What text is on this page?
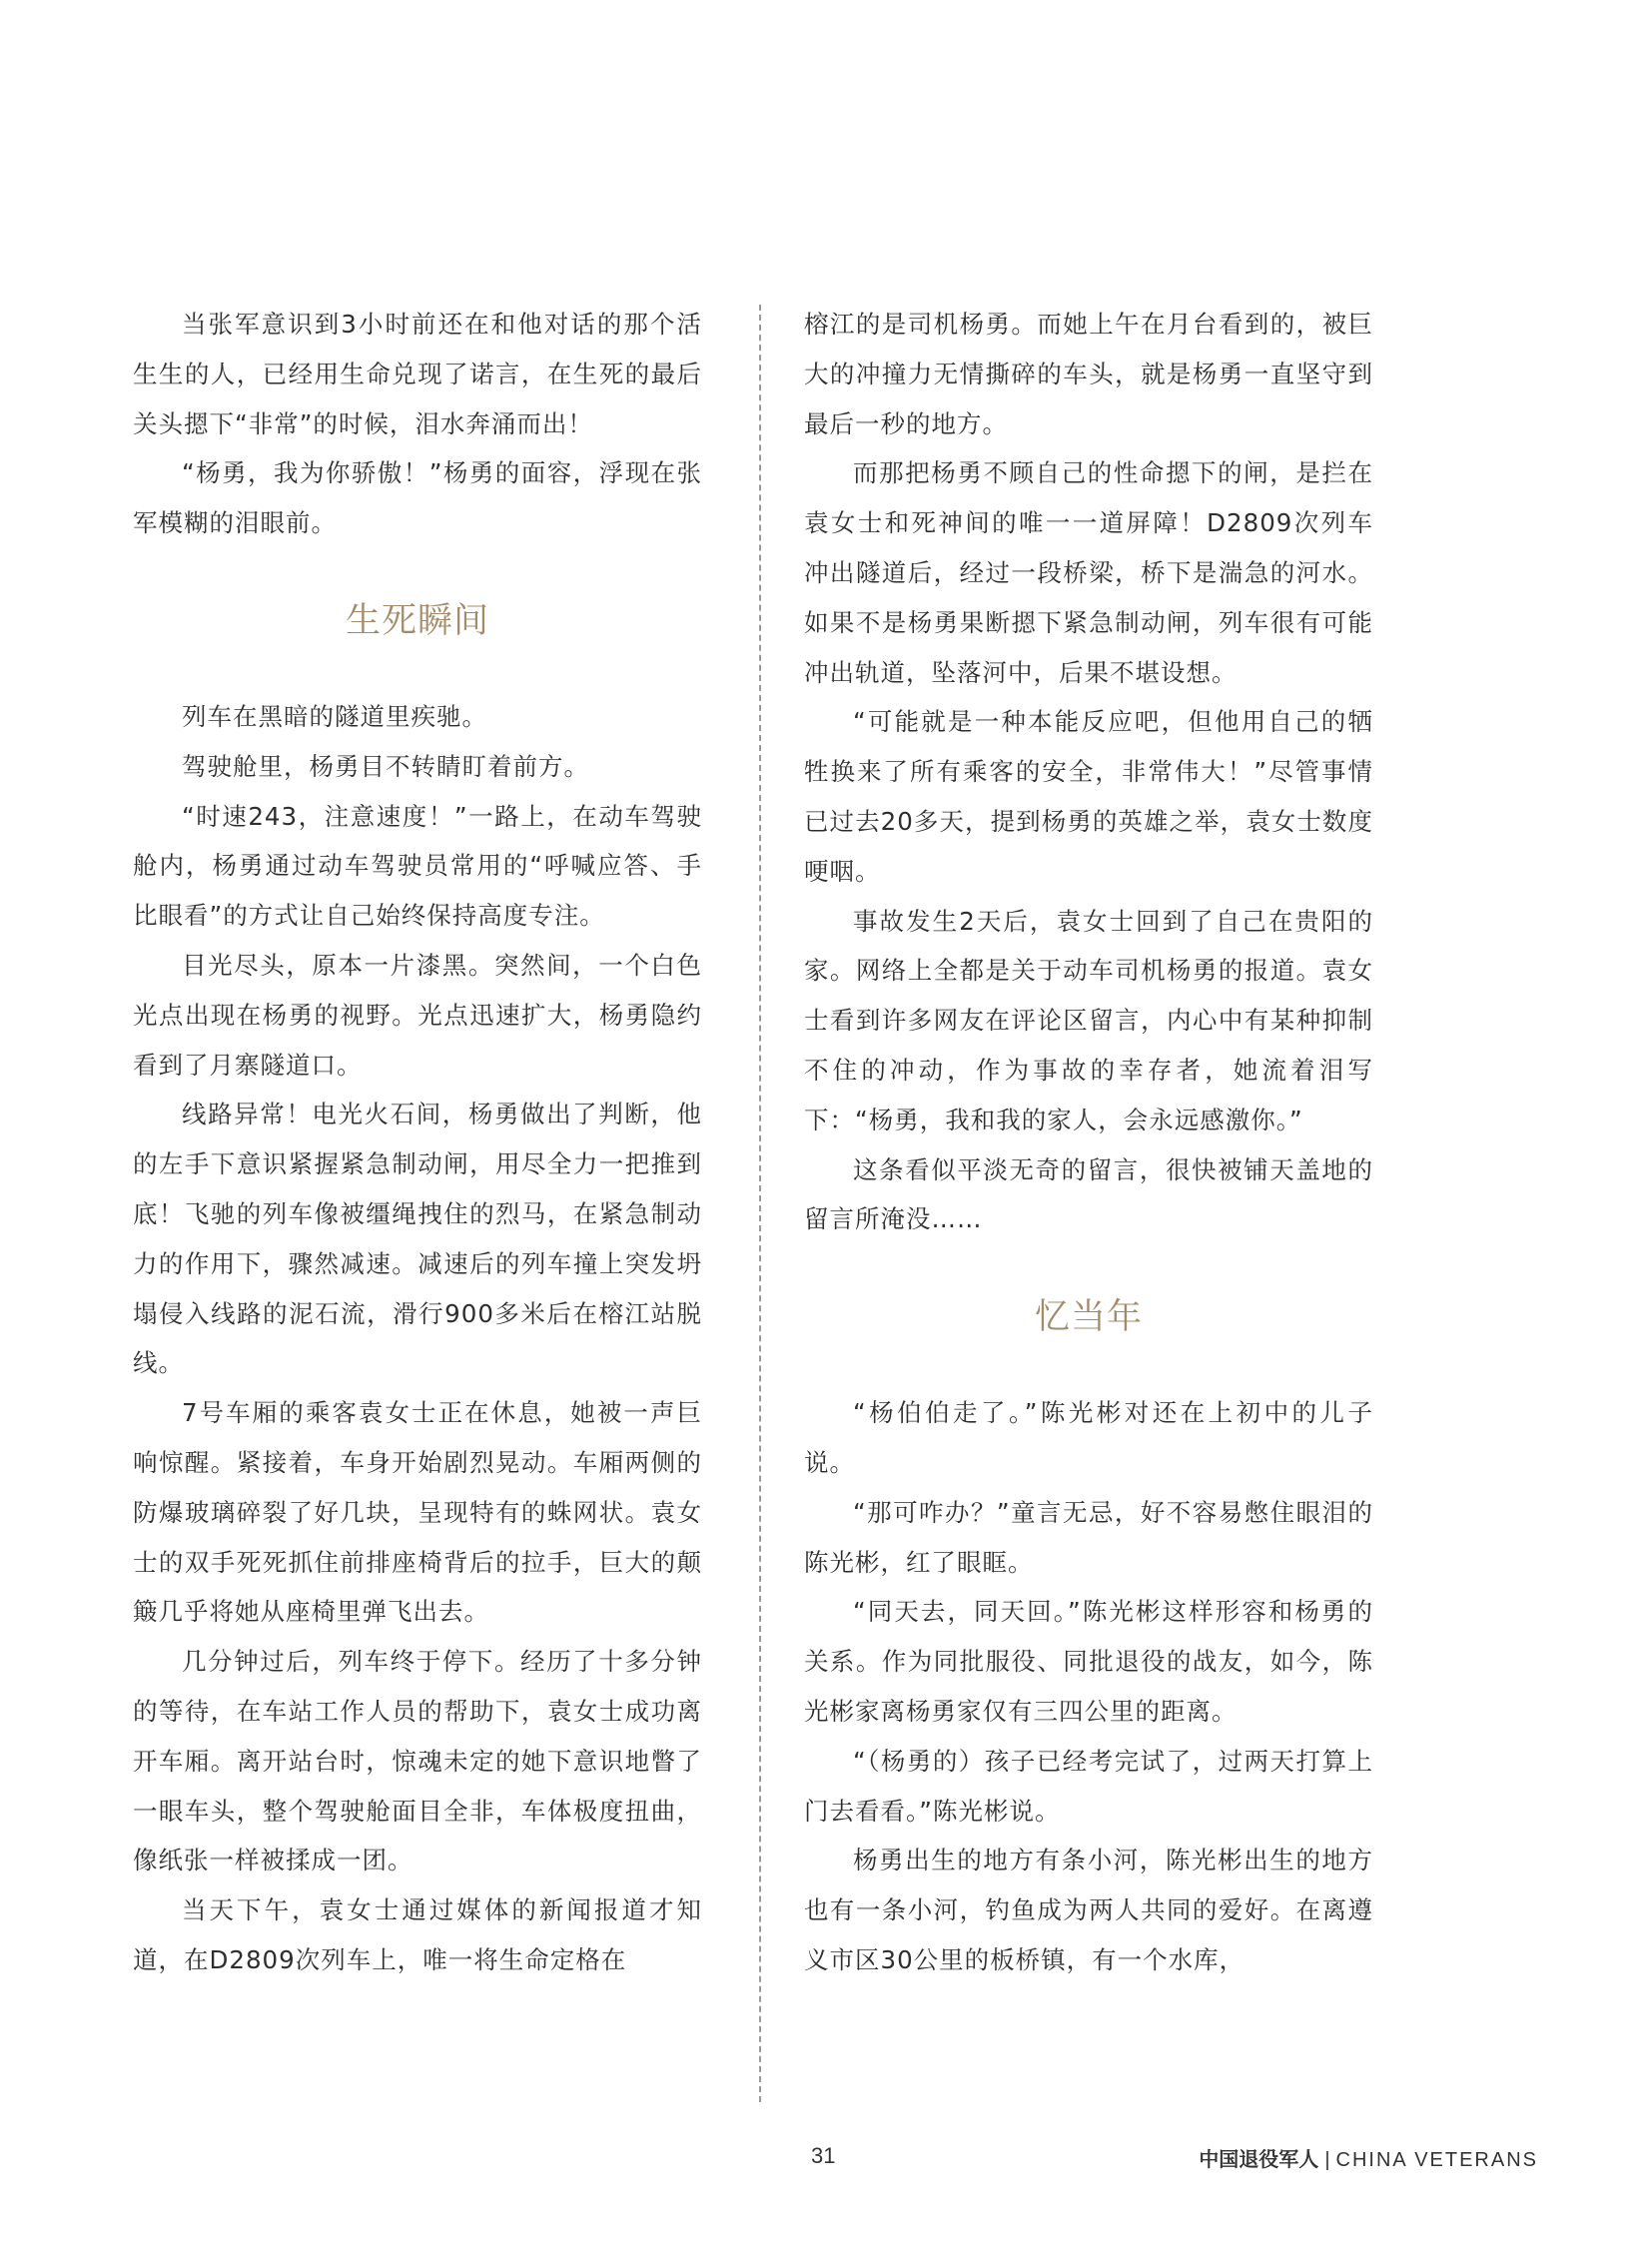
当张军意识到3小时前还在和他对话的那个活生生的人，已经用生命兑现了诺言，在生死的最后关头摁下“非常”的时候，泪水奔涌而出！

“杨勇，我为你骄傲！”杨勇的面容，浮现在张军模糊的泪眼前。

生死瞬间

列车在黑暗的隧道里疾驰。

驾驶舱里，杨勇目不转睛盯着前方。

“时速243，注意速度！”一路上，在动车驾驶舱内，杨勇通过动车驾驶员常用的“呼喊应答、手比眼看”的方式让自己始终保持高度专注。

目光尽头，原本一片漆黑。突然间，一个白色光点出现在杨勇的视野。光点迅速扩大，杨勇隐约看到了月寨隧道口。

线路异常！电光火石间，杨勇做出了判断，他的左手下意识紧握紧急制动闸，用尽全力一把推到底！飞驰的列车像被缰绳拽住的烈马，在紧急制动力的作用下，骤然减速。减速后的列车撞上突发坍塌侵入线路的泥石流，滑行900多米后在榕江站脱线。

7号车厢的乘客袁女士正在休息，她被一声巨响惊醒。紧接着，车身开始剧烈晃动。车厢两侧的防爆玻璃碎裂了好几块，呈现特有的蛛网状。袁女士的双手死死抓住前排座椅背后的拉手，巨大的颠簸几乎将她从座椅里弹飞出去。

几分钟过后，列车终于停下。经历了十多分钟的等待，在车站工作人员的帮助下，袁女士成功离开车厢。离开站台时，惊魂未定的她下意识地瞥了一眼车头，整个驾驶舱面目全非，车体极度扭曲，像纸张一样被揉成一团。

当天下午，袁女士通过媒体的新闻报道才知道，在D2809次列车上，唯一将生命定格在

榕江的是司机杨勇。而她上午在月台看到的，被巨大的冲撞力无情撕碎的车头，就是杨勇一直坚守到最后一秒的地方。

而那把杨勇不顾自己的性命摁下的闸，是拦在袁女士和死神间的唯一一道屏障！D2809次列车冲出隧道后，经过一段桥梁，桥下是湍急的河水。如果不是杨勇果断摁下紧急制动闸，列车很有可能冲出轨道，坠落河中，后果不堪设想。

“可能就是一种本能反应吧，但他用自己的牺牲换来了所有乘客的安全，非常伟大！”尽管事情已过去20多天，提到杨勇的英雄之举，袁女士数度哽咽。

事故发生2天后，袁女士回到了自己在贵阳的家。网络上全都是关于动车司机杨勇的报道。袁女士看到许多网友在评论区留言，内心中有某种抑制不住的冲动，作为事故的幸存者，她流着泪写下：“杨勇，我和我的家人，会永远感激你。”

这条看似平淡无奇的留言，很快被铺天盖地的留言所淹没……

忆当年

“杨伯伯走了。”陈光彬对还在上初中的儿子说。

“那可咋办？”童言无忌，好不容易憋住眼泪的陈光彬，红了眼眶。

“同天去，同天回。”陈光彬这样形容和杨勇的关系。作为同批服役、同批退役的战友，如今，陈光彬家离杨勇家仅有三四公里的距离。

“（杨勇的）孩子已经考完试了，过两天打算上门去看看。”陈光彬说。

杨勇出生的地方有条小河，陈光彬出生的地方也有一条小河，钓鱼成为两人共同的爱好。在离遵义市区30公里的板桥镇，有一个水库，

31	中国退役军人 | CHINA VETERANS
